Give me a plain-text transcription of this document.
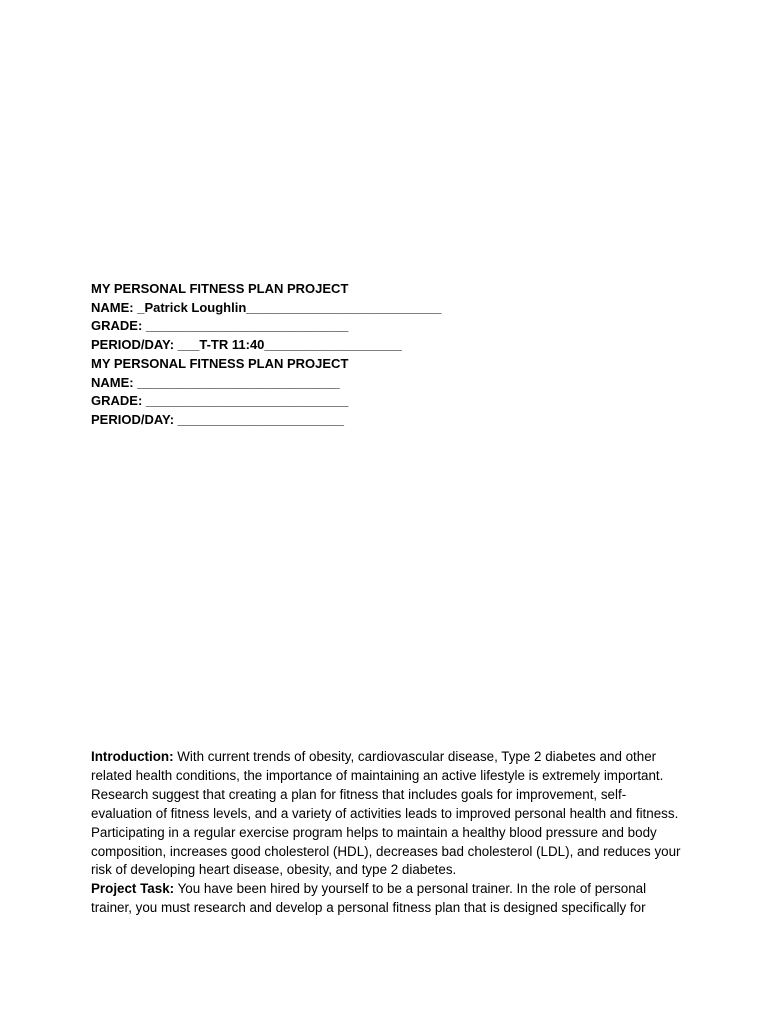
MY PERSONAL FITNESS PLAN PROJECT
NAME: _Patrick Loughlin___________________________
GRADE: ____________________________
PERIOD/DAY: ___T-TR 11:40___________________
MY PERSONAL FITNESS PLAN PROJECT
NAME: ____________________________
GRADE: ____________________________
PERIOD/DAY: _______________________

Introduction: With current trends of obesity, cardiovascular disease, Type 2 diabetes and other related health conditions, the importance of maintaining an active lifestyle is extremely important. Research suggest that creating a plan for fitness that includes goals for improvement, self-evaluation of fitness levels, and a variety of activities leads to improved personal health and fitness. Participating in a regular exercise program helps to maintain a healthy blood pressure and body composition, increases good cholesterol (HDL), decreases bad cholesterol (LDL), and reduces your risk of developing heart disease, obesity, and type 2 diabetes.

Project Task: You have been hired by yourself to be a personal trainer. In the role of personal trainer, you must research and develop a personal fitness plan that is designed specifically for
